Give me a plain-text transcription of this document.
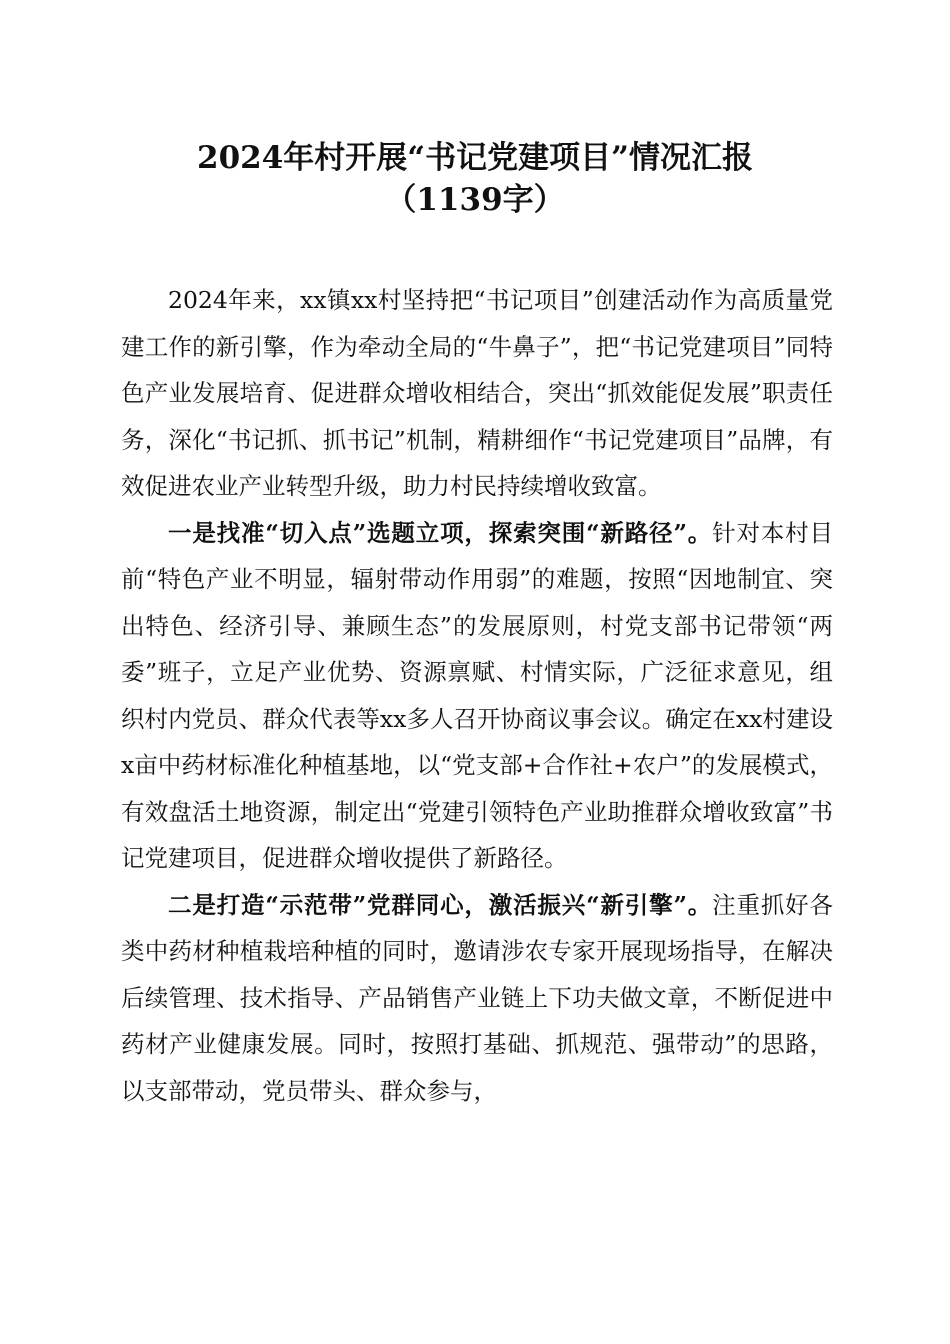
2024年村开展“书记党建项目”情况汇报
（1139字）

2024年来，xx镇xx村坚持把“书记项目”创建活动作为高质量党建工作的新引擎，作为牵动全局的“牛鼻子”，把“书记党建项目”同特色产业发展培育、促进群众增收相结合，突出“抓效能促发展”职责任务，深化“书记抓、抓书记”机制，精耕细作“书记党建项目”品牌，有效促进农业产业转型升级，助力村民持续增收致富。

一是找准“切入点”选题立项，探索突围“新路径”。针对本村目前“特色产业不明显，辐射带动作用弱”的难题，按照“因地制宜、突出特色、经济引导、兼顾生态”的发展原则，村党支部书记带领“两委”班子，立足产业优势、资源禀赋、村情实际，广泛征求意见，组织村内党员、群众代表等xx多人召开协商议事会议。确定在xx村建设x亩中药材标准化种植基地，以“党支部+合作社+农户”的发展模式，有效盘活土地资源，制定出“党建引领特色产业助推群众增收致富”书记党建项目，促进群众增收提供了新路径。

二是打造“示范带”党群同心，激活振兴“新引擎”。注重抓好各类中药材种植栽培种植的同时，邀请涉农专家开展现场指导，在解决后续管理、技术指导、产品销售产业链上下功夫做文章，不断促进中药材产业健康发展。同时，按照打基础、抓规范、强带动”的思路，以支部带动，党员带头、群众参与，
